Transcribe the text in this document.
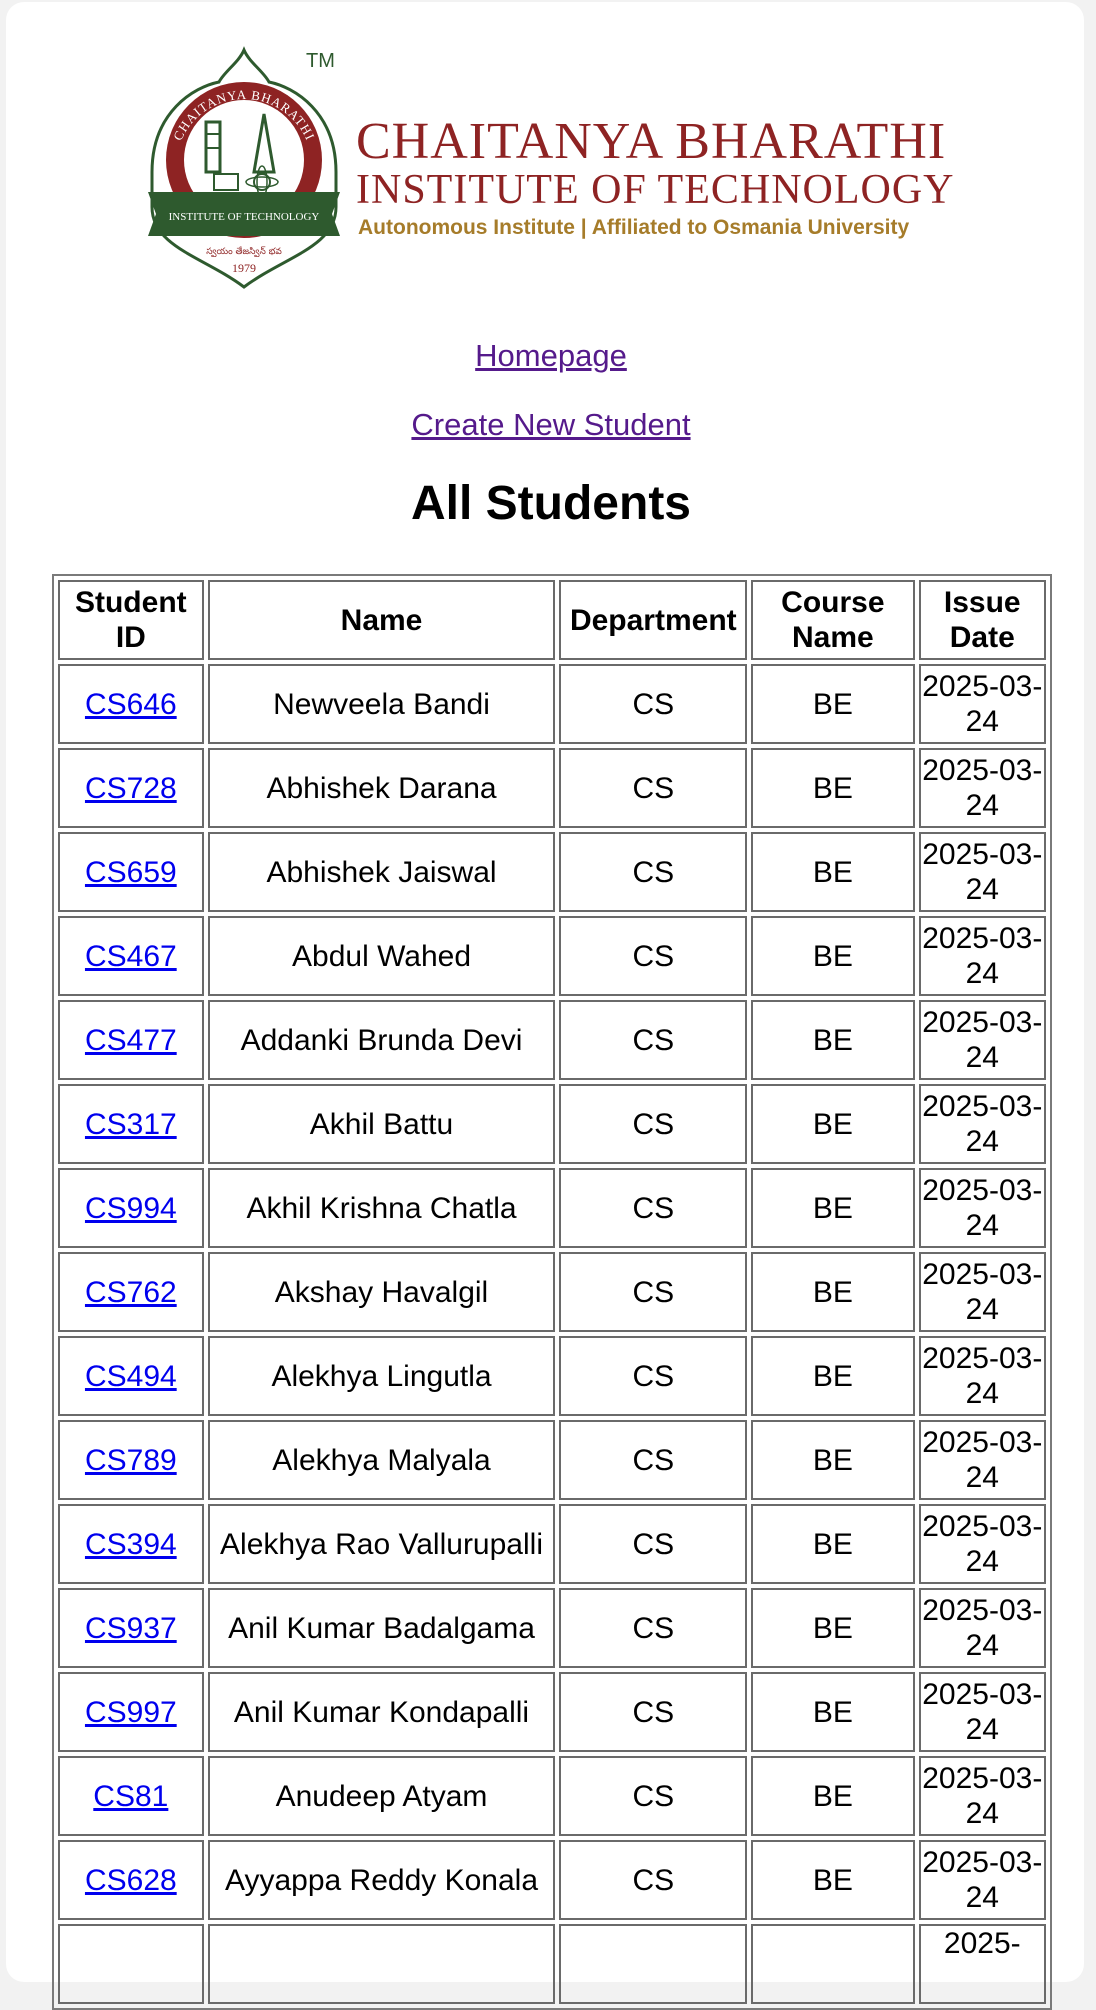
CHAITANYA BHARATHI
INSTITUTE OF TECHNOLOGY
స్వయం తేజస్విన్ భవ
1979
TM
CHAITANYA BHARATHI
INSTITUTE OF TECHNOLOGY
Autonomous Institute | Affiliated to Osmania University
Homepage
Create New Student
All Students
Student ID	Name	Department	Course Name	Issue Date
CS646	Newveela Bandi	CS	BE	2025-03-24
CS728	Abhishek Darana	CS	BE	2025-03-24
CS659	Abhishek Jaiswal	CS	BE	2025-03-24
CS467	Abdul Wahed	CS	BE	2025-03-24
CS477	Addanki Brunda Devi	CS	BE	2025-03-24
CS317	Akhil Battu	CS	BE	2025-03-24
CS994	Akhil Krishna Chatla	CS	BE	2025-03-24
CS762	Akshay Havalgil	CS	BE	2025-03-24
CS494	Alekhya Lingutla	CS	BE	2025-03-24
CS789	Alekhya Malyala	CS	BE	2025-03-24
CS394	Alekhya Rao Vallurupalli	CS	BE	2025-03-24
CS937	Anil Kumar Badalgama	CS	BE	2025-03-24
CS997	Anil Kumar Kondapalli	CS	BE	2025-03-24
CS81	Anudeep Atyam	CS	BE	2025-03-24
CS628	Ayyappa Reddy Konala	CS	BE	2025-03-24
				2025-
